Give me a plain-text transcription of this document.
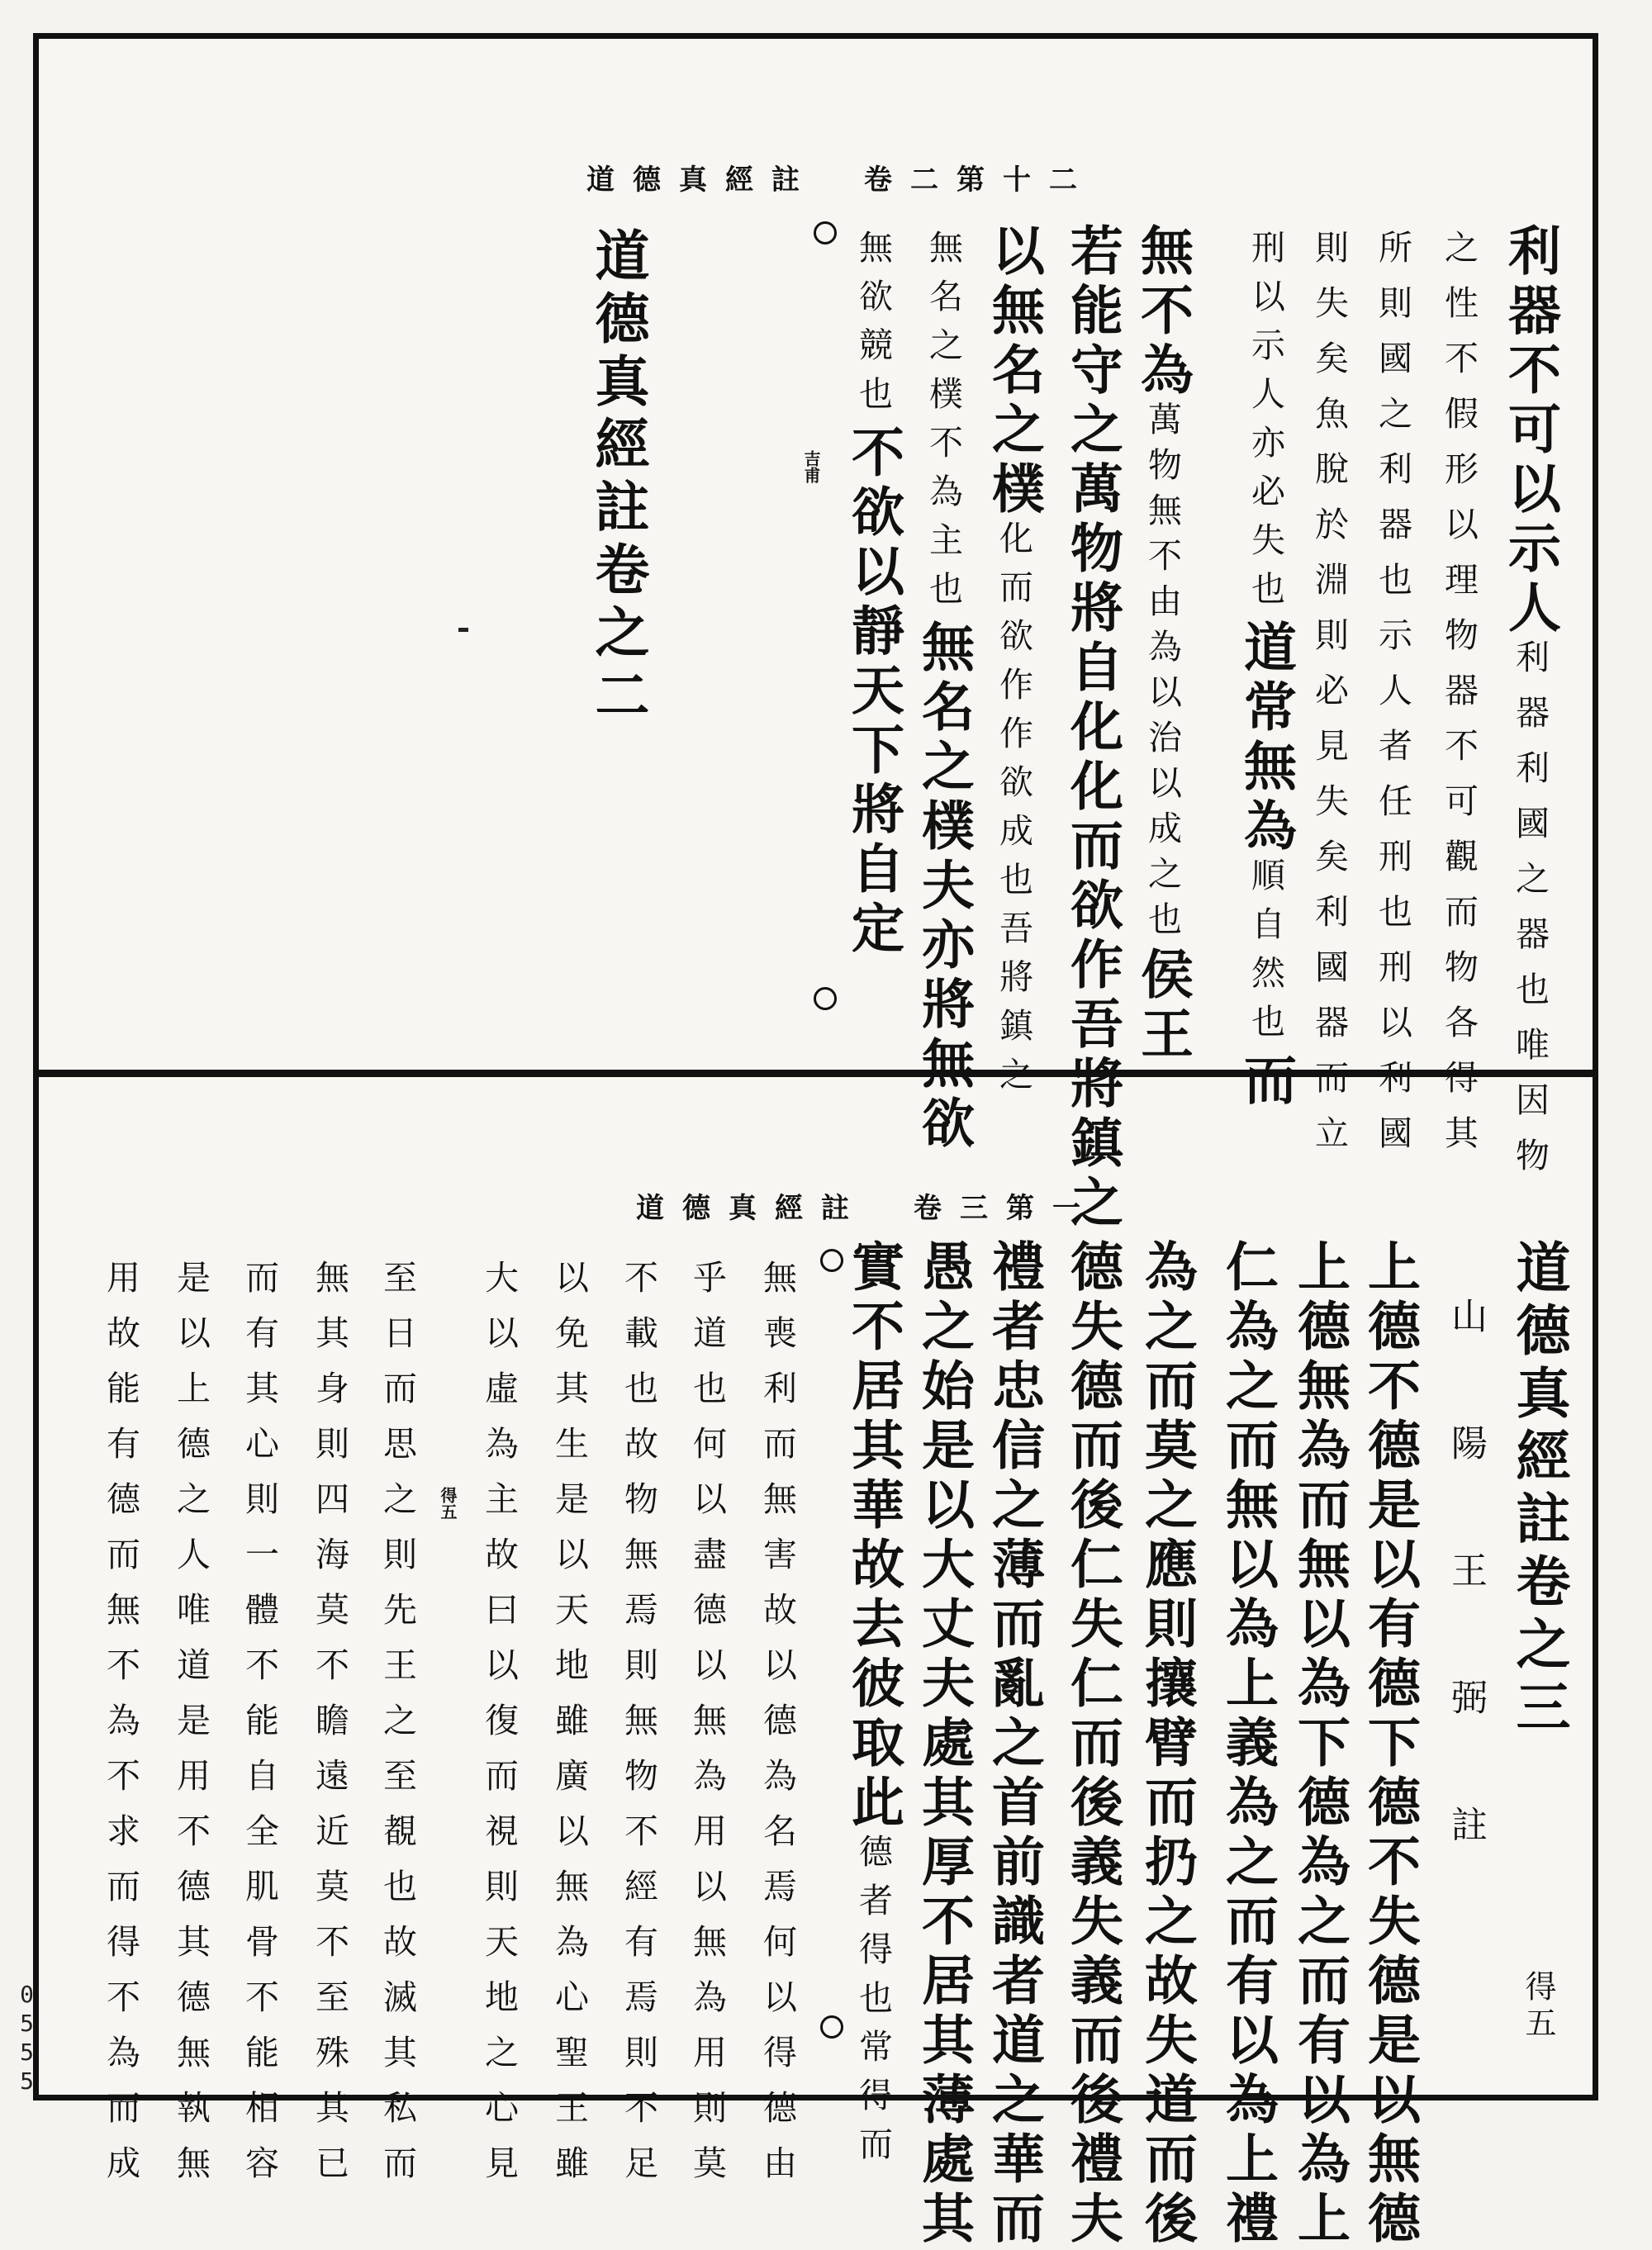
0555
道德真經註　卷二第十二
利器不可以示人利器利國之器也唯因物
之性不假形以理物器不可觀而物各得其
所則國之利器也示人者任刑也刑以利國
則失矣魚脫於淵則必見失矣利國器而立
刑以示人亦必失也道常無為順自然也而
無不為萬物無不由為以治以成之也侯王
若能守之萬物將自化化而欲作吾將鎮之
以無名之樸化而欲作作欲成也吾將鎮之
無名之樸不為主也無名之樸夫亦將無欲
無欲競也不欲以靜天下將自定
吉甫
道德真經註卷之二
道德真經註　卷三第一
道德真經註卷之三
山陽王弼註
得五
上德不德是以有德下德不失德是以無德
上德無為而無以為下德為之而有以為上
仁為之而無以為上義為之而有以為上禮
為之而莫之應則攘臂而扔之故失道而後
德失德而後仁失仁而後義失義而後禮夫
禮者忠信之薄而亂之首前識者道之華而
愚之始是以大丈夫處其厚不居其薄處其
實不居其華故去彼取此德者得也常得而
無喪利而無害故以德為名焉何以得德由
乎道也何以盡德以無為用以無為用則莫
不載也故物無焉則無物不經有焉則不足
以免其生是以天地雖廣以無為心聖王雖
大以虛為主故曰以復而視則天地之心見
得五
至日而思之則先王之至覩也故滅其私而
無其身則四海莫不瞻遠近莫不至殊其已
而有其心則一體不能自全肌骨不能相容
是以上德之人唯道是用不德其德無執無
用故能有德而無不為不求而得不為而成
